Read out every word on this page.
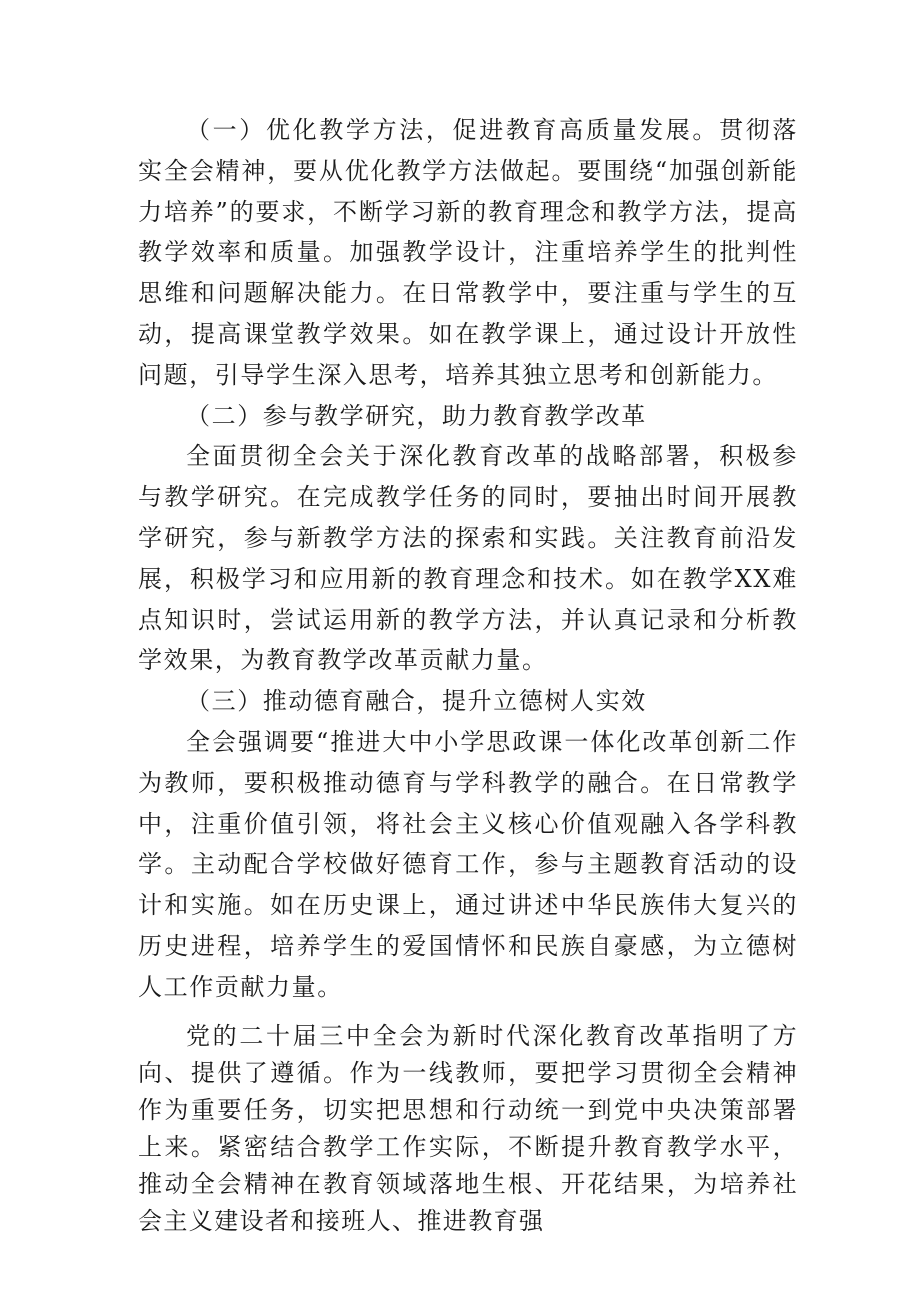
（一）优化教学方法，促进教育高质量发展。贯彻落实全会精神，要从优化教学方法做起。要围绕“加强创新能力培养”的要求，不断学习新的教育理念和教学方法，提高教学效率和质量。加强教学设计，注重培养学生的批判性思维和问题解决能力。在日常教学中，要注重与学生的互动，提高课堂教学效果。如在教学课上，通过设计开放性问题，引导学生深入思考，培养其独立思考和创新能力。

（二）参与教学研究，助力教育教学改革

全面贯彻全会关于深化教育改革的战略部署，积极参与教学研究。在完成教学任务的同时，要抽出时间开展教学研究，参与新教学方法的探索和实践。关注教育前沿发展，积极学习和应用新的教育理念和技术。如在教学XX难点知识时，尝试运用新的教学方法，并认真记录和分析教学效果，为教育教学改革贡献力量。

（三）推动德育融合，提升立德树人实效

全会强调要“推进大中小学思政课一体化改革创新二作为教师，要积极推动德育与学科教学的融合。在日常教学中，注重价值引领，将社会主义核心价值观融入各学科教学。主动配合学校做好德育工作，参与主题教育活动的设计和实施。如在历史课上，通过讲述中华民族伟大复兴的历史进程，培养学生的爱国情怀和民族自豪感，为立德树人工作贡献力量。

党的二十届三中全会为新时代深化教育改革指明了方向、提供了遵循。作为一线教师，要把学习贯彻全会精神作为重要任务，切实把思想和行动统一到党中央决策部署上来。紧密结合教学工作实际，不断提升教育教学水平，推动全会精神在教育领域落地生根、开花结果，为培养社会主义建设者和接班人、推进教育强
